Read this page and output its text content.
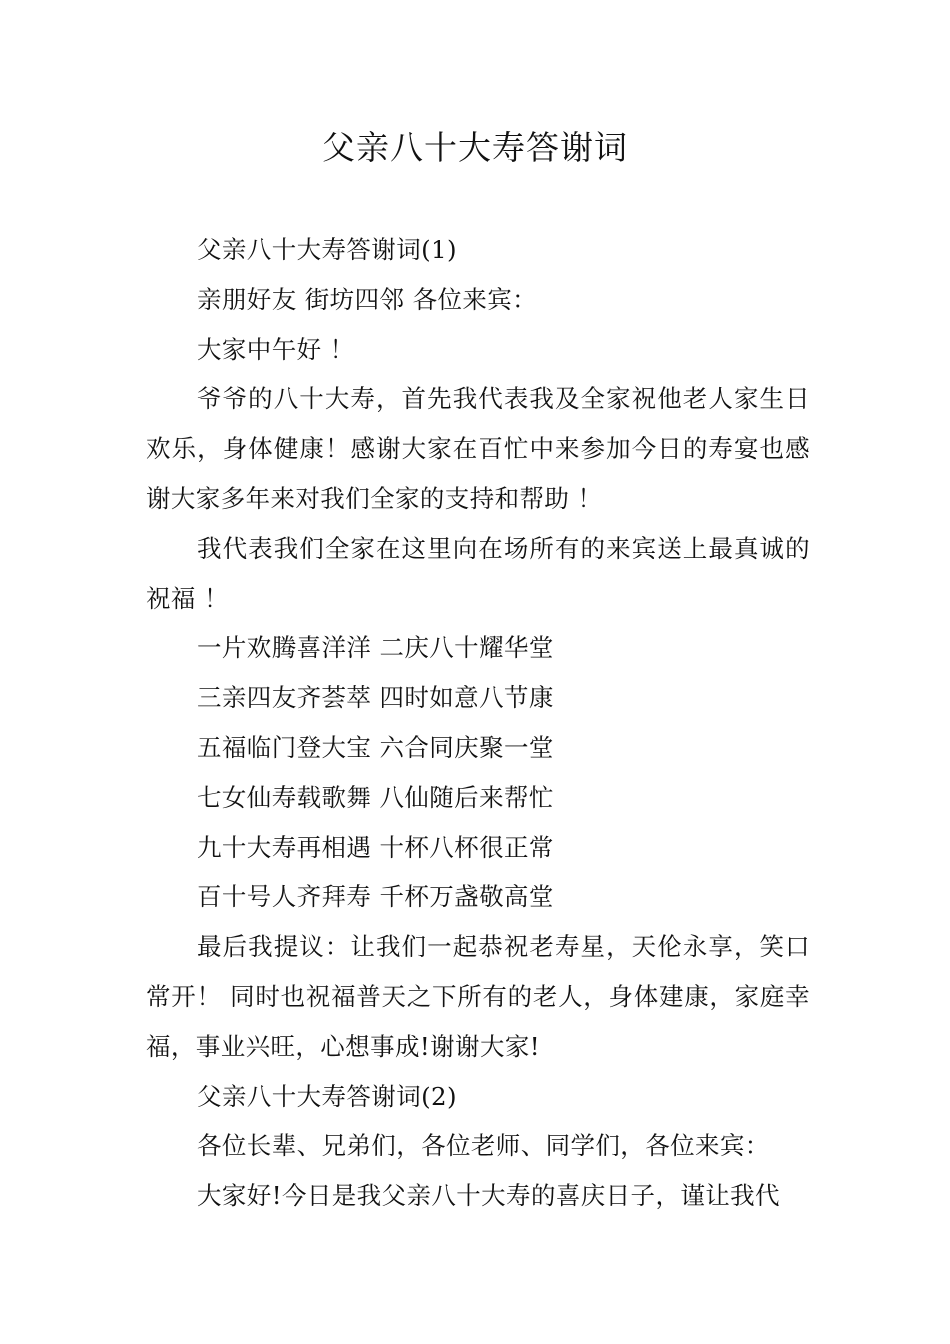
父亲八十大寿答谢词

父亲八十大寿答谢词(1)

亲朋好友 街坊四邻 各位来宾：

大家中午好 ！

爷爷的八十大寿，首先我代表我及全家祝他老人家生日欢乐，身体健康！感谢大家在百忙中来参加今日的寿宴也感谢大家多年来对我们全家的支持和帮助 ！

我代表我们全家在这里向在场所有的来宾送上最真诚的祝福 ！

一片欢腾喜洋洋 二庆八十耀华堂

三亲四友齐荟萃 四时如意八节康

五福临门登大宝 六合同庆聚一堂

七女仙寿载歌舞 八仙随后来帮忙

九十大寿再相遇 十杯八杯很正常

百十号人齐拜寿 千杯万盏敬高堂

最后我提议：让我们一起恭祝老寿星，天伦永享，笑口常开！ 同时也祝福普天之下所有的老人，身体建康，家庭幸福，事业兴旺，心想事成!谢谢大家!

父亲八十大寿答谢词(2)

各位长辈、兄弟们，各位老师、同学们，各位来宾：

大家好!今日是我父亲八十大寿的喜庆日子，谨让我代
